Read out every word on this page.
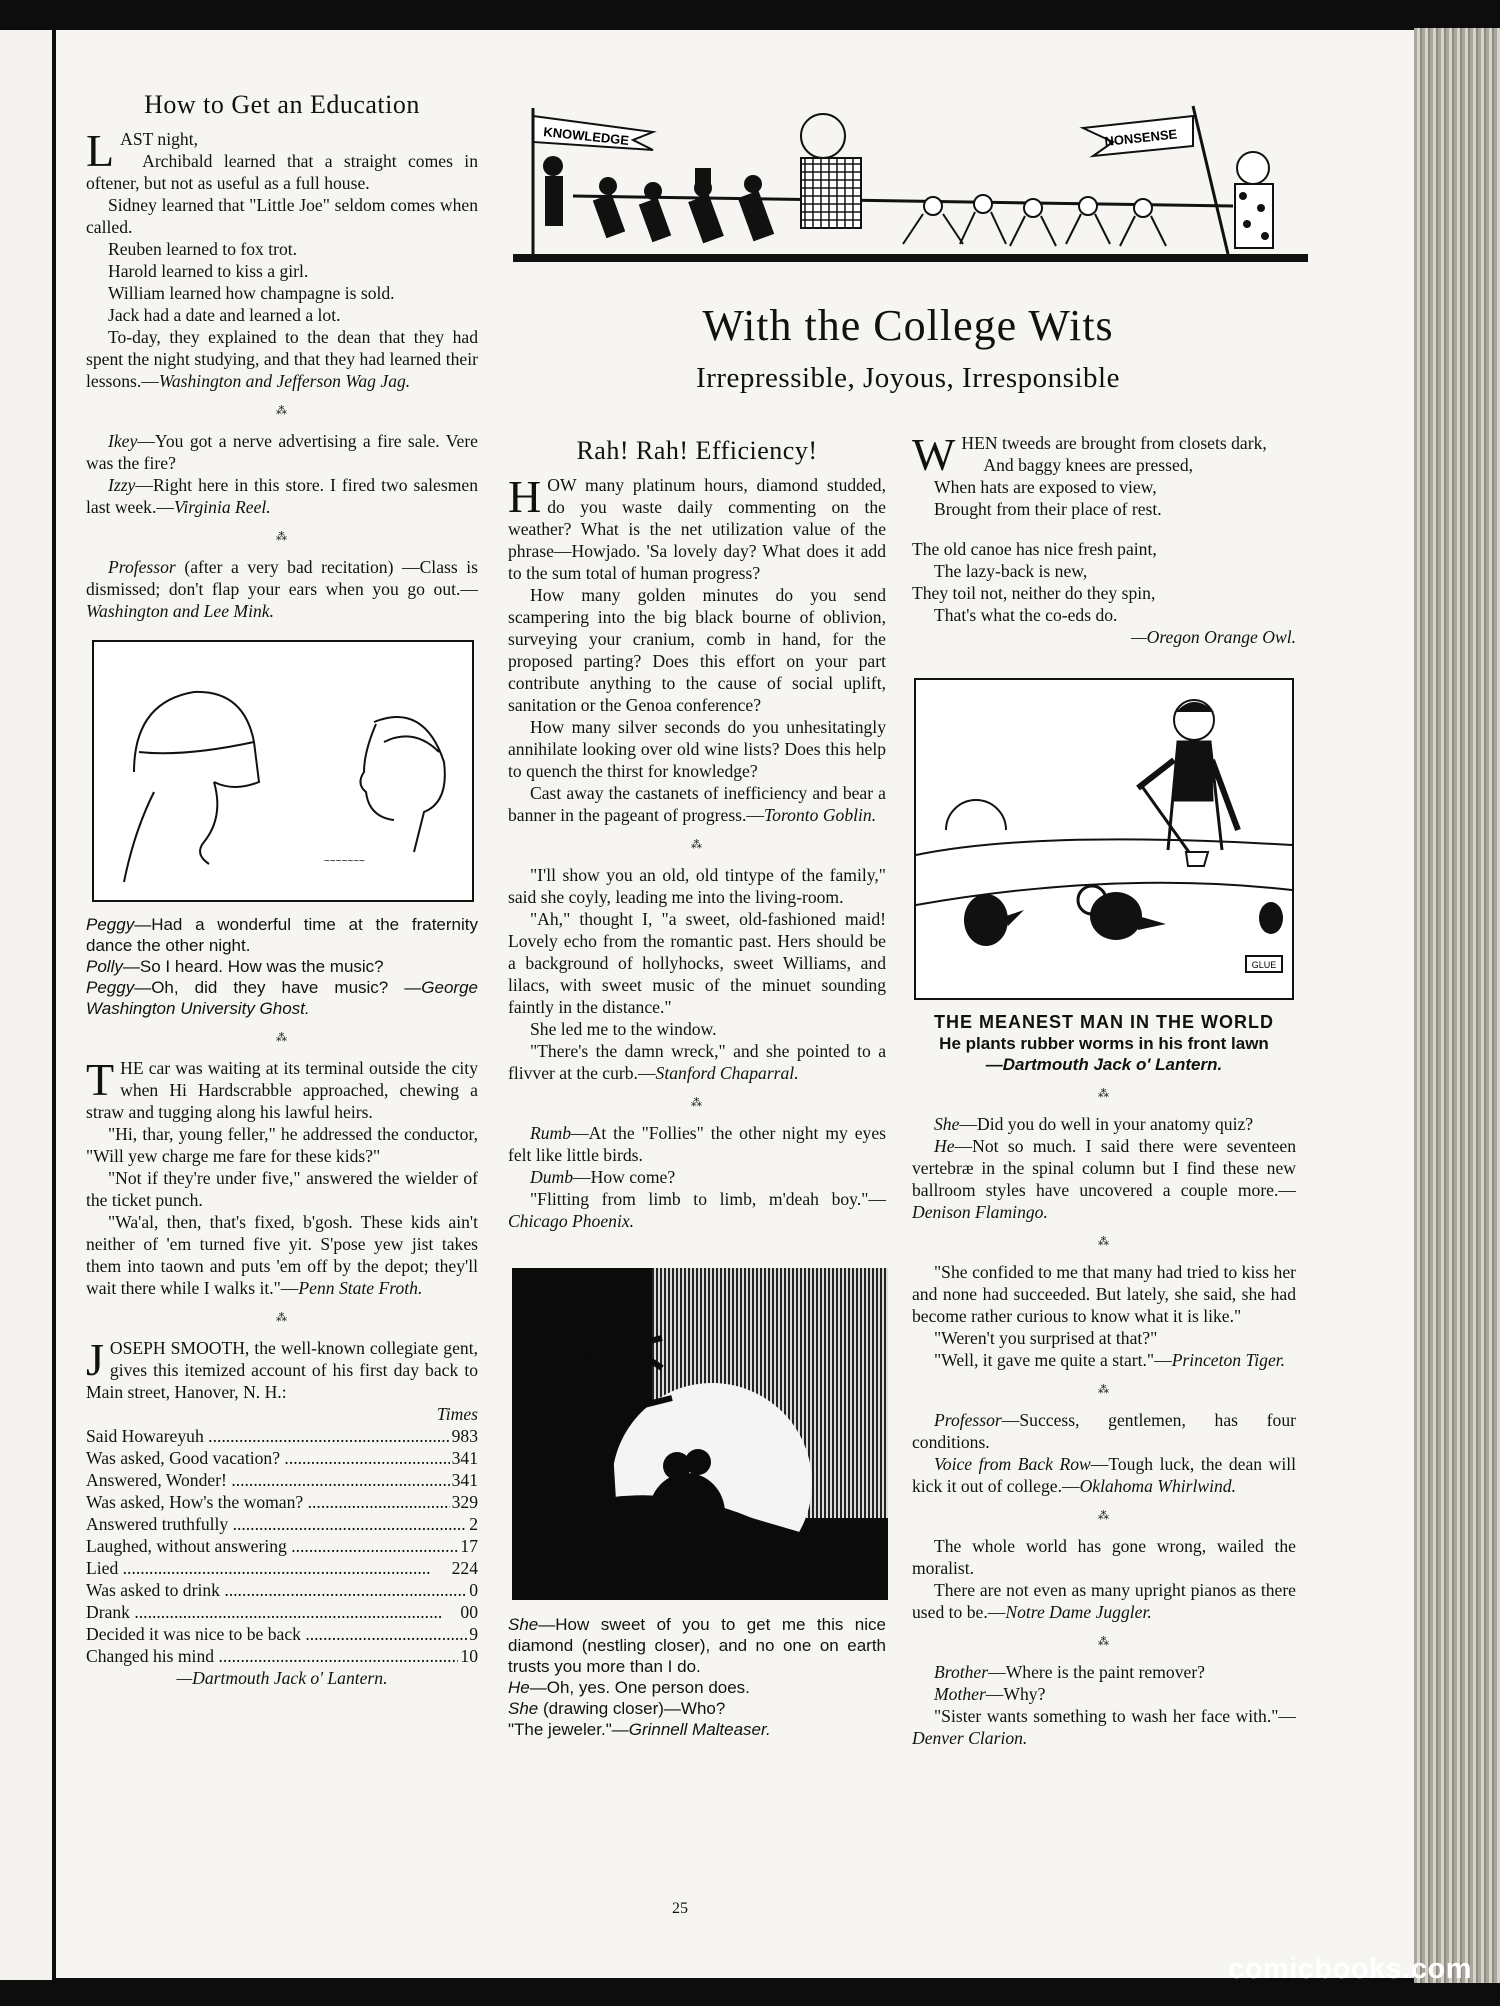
KNOWLEDGE	NONSENSE
With the College Wits
Irrepressible, Joyous, Irresponsible
How to Get an Education

LAST night,

Archibald learned that a straight comes in oftener, but not as useful as a full house.

Sidney learned that "Little Joe" seldom comes when called.

Reuben learned to fox trot.

Harold learned to kiss a girl.

William learned how champagne is sold.

Jack had a date and learned a lot.

To-day, they explained to the dean that they had spent the night studying, and that they had learned their lessons.—Washington and Jefferson Wag Jag.

⁂

Ikey—You got a nerve advertising a fire sale. Vere was the fire?

Izzy—Right here in this store. I fired two salesmen last week.—Virginia Reel.

⁂

Professor (after a very bad recitation) —Class is dismissed; don't flap your ears when you go out.—Washington and Lee Mink.

~~~~~~~

Peggy—Had a wonderful time at the fraternity dance the other night.

Polly—So I heard. How was the music?

Peggy—Oh, did they have music? —George Washington University Ghost.

⁂

THE car was waiting at its terminal outside the city when Hi Hardscrabble approached, chewing a straw and tugging along his lawful heirs.

"Hi, thar, young feller," he addressed the conductor, "Will yew charge me fare for these kids?"

"Not if they're under five," answered the wielder of the ticket punch.

"Wa'al, then, that's fixed, b'gosh. These kids ain't neither of 'em turned five yit. S'pose yew jist takes them into taown and puts 'em off by the depot; they'll wait there while I walks it."—Penn State Froth.

⁂

JOSEPH SMOOTH, the well-known collegiate gent, gives this itemized account of his first day back to Main street, Hanover, N. H.:

Times

Said Howareyuh .....	983
Was asked, Good vacation? .....	341
Answered, Wonder! .....	341
Was asked, How's the woman? .....	329
Answered truthfully .....	2
Laughed, without answering .....	17
Lied .....	224
Was asked to drink .....	0
Drank .....	00
Decided it was nice to be back .....	9
Changed his mind .....	10

—Dartmouth Jack o' Lantern.

Rah! Rah! Efficiency!

HOW many platinum hours, diamond studded, do you waste daily commenting on the weather? What is the net utilization value of the phrase—Howjado. 'Sa lovely day? What does it add to the sum total of human progress?

How many golden minutes do you send scampering into the big black bourne of oblivion, surveying your cranium, comb in hand, for the proposed parting? Does this effort on your part contribute anything to the cause of social uplift, sanitation or the Genoa conference?

How many silver seconds do you unhesitatingly annihilate looking over old wine lists? Does this help to quench the thirst for knowledge?

Cast away the castanets of inefficiency and bear a banner in the pageant of progress.—Toronto Goblin.

⁂

"I'll show you an old, old tintype of the family," said she coyly, leading me into the living-room.

"Ah," thought I, "a sweet, old-fashioned maid! Lovely echo from the romantic past. Hers should be a background of hollyhocks, sweet Williams, and lilacs, with sweet music of the minuet sounding faintly in the distance."

She led me to the window.

"There's the damn wreck," and she pointed to a flivver at the curb.—Stanford Chaparral.

⁂

Rumb—At the "Follies" the other night my eyes felt like little birds.

Dumb—How come?

"Flitting from limb to limb, m'deah boy."—Chicago Phoenix.

She—How sweet of you to get me this nice diamond (nestling closer), and no one on earth trusts you more than I do.

He—Oh, yes. One person does.

She (drawing closer)—Who?

"The jeweler."—Grinnell Malteaser.

WHEN tweeds are brought from closets dark,

And baggy knees are pressed,

When hats are exposed to view,

Brought from their place of rest.

The old canoe has nice fresh paint,

The lazy-back is new,

They toil not, neither do they spin,

That's what the co-eds do.

—Oregon Orange Owl.

GLUE
THE MEANEST MAN IN THE WORLD

He plants rubber worms in his front lawn

—Dartmouth Jack o' Lantern.

⁂

She—Did you do well in your anatomy quiz?

He—Not so much. I said there were seventeen vertebræ in the spinal column but I find these new ballroom styles have uncovered a couple more.—Denison Flamingo.

⁂

"She confided to me that many had tried to kiss her and none had succeeded. But lately, she said, she had become rather curious to know what it is like."

"Weren't you surprised at that?"

"Well, it gave me quite a start."—Princeton Tiger.

⁂

Professor—Success, gentlemen, has four conditions.

Voice from Back Row—Tough luck, the dean will kick it out of college.—Oklahoma Whirlwind.

⁂

The whole world has gone wrong, wailed the moralist.

There are not even as many upright pianos as there used to be.—Notre Dame Juggler.

⁂

Brother—Where is the paint remover?

Mother—Why?

"Sister wants something to wash her face with."—Denver Clarion.

25
comicbooks.com
